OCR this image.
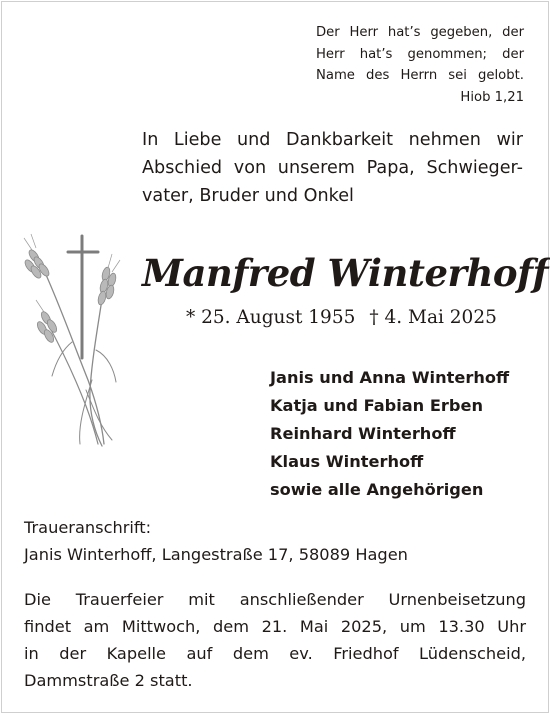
Der Herr hat’s gegeben, der
Herr hat’s genommen; der
Name des Herrn sei gelobt.
Hiob 1,21
In Liebe und Dankbarkeit nehmen wir
Abschied von unserem Papa, Schwieger-
vater, Bruder und Onkel
Manfred Winterhoff
* 25. August 1955 † 4. Mai 2025
Janis und Anna Winterhoff
Katja und Fabian Erben
Reinhard Winterhoff
Klaus Winterhoff
sowie alle Angehörigen
Traueranschrift:
Janis Winterhoff, Langestraße 17, 58089 Hagen
Die Trauerfeier mit anschließender Urnenbeisetzung
findet am Mittwoch, dem 21. Mai 2025, um 13.30 Uhr
in der Kapelle auf dem ev. Friedhof Lüdenscheid,
Dammstraße 2 statt.
